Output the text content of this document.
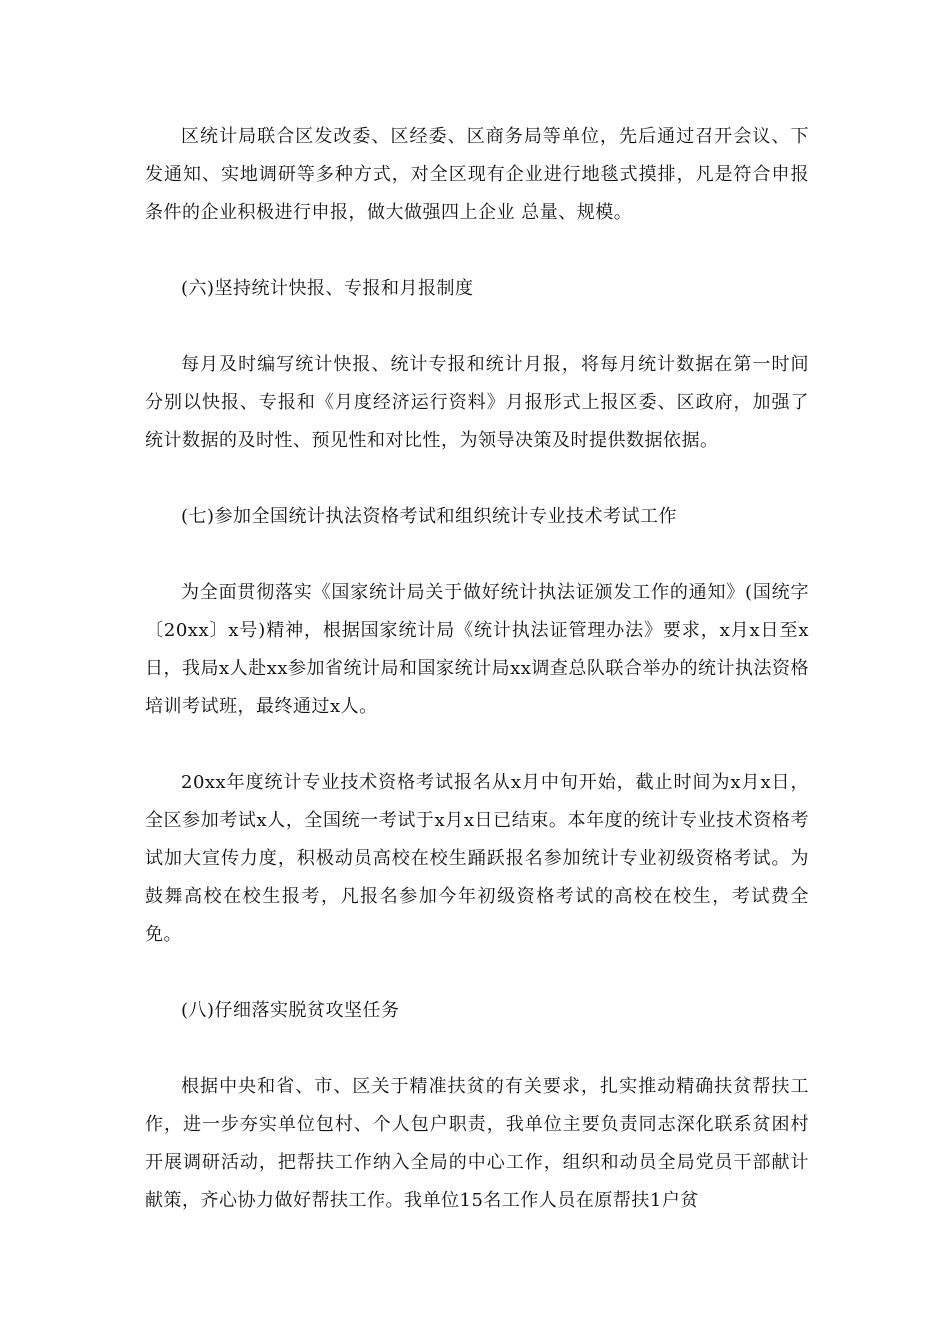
区统计局联合区发改委、区经委、区商务局等单位，先后通过召开会议、下发通知、实地调研等多种方式，对全区现有企业进行地毯式摸排，凡是符合申报条件的企业积极进行申报，做大做强四上企业 总量、规模。

(六)坚持统计快报、专报和月报制度

每月及时编写统计快报、统计专报和统计月报，将每月统计数据在第一时间分别以快报、专报和《月度经济运行资料》月报形式上报区委、区政府，加强了统计数据的及时性、预见性和对比性，为领导决策及时提供数据依据。

(七)参加全国统计执法资格考试和组织统计专业技术考试工作

为全面贯彻落实《国家统计局关于做好统计执法证颁发工作的通知》(国统字〔20xx〕x号)精神，根据国家统计局《统计执法证管理办法》要求，x月x日至x日，我局x人赴xx参加省统计局和国家统计局xx调查总队联合举办的统计执法资格培训考试班，最终通过x人。

20xx年度统计专业技术资格考试报名从x月中旬开始，截止时间为x月x日，全区参加考试x人，全国统一考试于x月x日已结束。本年度的统计专业技术资格考试加大宣传力度，积极动员高校在校生踊跃报名参加统计专业初级资格考试。为鼓舞高校在校生报考，凡报名参加今年初级资格考试的高校在校生，考试费全免。

(八)仔细落实脱贫攻坚任务

根据中央和省、市、区关于精准扶贫的有关要求，扎实推动精确扶贫帮扶工作，进一步夯实单位包村、个人包户职责，我单位主要负责同志深化联系贫困村开展调研活动，把帮扶工作纳入全局的中心工作，组织和动员全局党员干部献计献策，齐心协力做好帮扶工作。我单位15名工作人员在原帮扶1户贫
